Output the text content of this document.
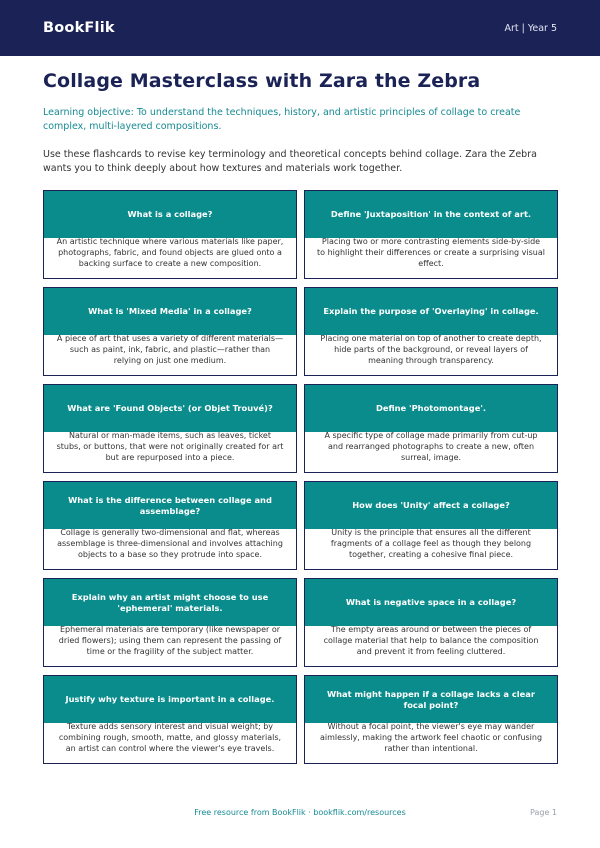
BookFlik	Art | Year 5
Collage Masterclass with Zara the Zebra

Learning objective: To understand the techniques, history, and artistic principles of collage to create complex, multi-layered compositions.

Use these flashcards to revise key terminology and theoretical concepts behind collage. Zara the Zebra wants you to think deeply about how textures and materials work together.

What is a collage?
An artistic technique where various materials like paper, photographs, fabric, and found objects are glued onto a backing surface to create a new composition.
Define 'Juxtaposition' in the context of art.
Placing two or more contrasting elements side-by-side to highlight their differences or create a surprising visual effect.
What is 'Mixed Media' in a collage?
A piece of art that uses a variety of different materials—such as paint, ink, fabric, and plastic—rather than relying on just one medium.
Explain the purpose of 'Overlaying' in collage.
Placing one material on top of another to create depth, hide parts of the background, or reveal layers of meaning through transparency.
What are 'Found Objects' (or Objet Trouvé)?
Natural or man-made items, such as leaves, ticket stubs, or buttons, that were not originally created for art but are repurposed into a piece.
Define 'Photomontage'.
A specific type of collage made primarily from cut-up and rearranged photographs to create a new, often surreal, image.
What is the difference between collage and assemblage?
Collage is generally two-dimensional and flat, whereas assemblage is three-dimensional and involves attaching objects to a base so they protrude into space.
How does 'Unity' affect a collage?
Unity is the principle that ensures all the different fragments of a collage feel as though they belong together, creating a cohesive final piece.
Explain why an artist might choose to use 'ephemeral' materials.
Ephemeral materials are temporary (like newspaper or dried flowers); using them can represent the passing of time or the fragility of the subject matter.
What is negative space in a collage?
The empty areas around or between the pieces of collage material that help to balance the composition and prevent it from feeling cluttered.
Justify why texture is important in a collage.
Texture adds sensory interest and visual weight; by combining rough, smooth, matte, and glossy materials, an artist can control where the viewer's eye travels.
What might happen if a collage lacks a clear focal point?
Without a focal point, the viewer's eye may wander aimlessly, making the artwork feel chaotic or confusing rather than intentional.
Free resource from BookFlik · bookflik.com/resources	Page 1
